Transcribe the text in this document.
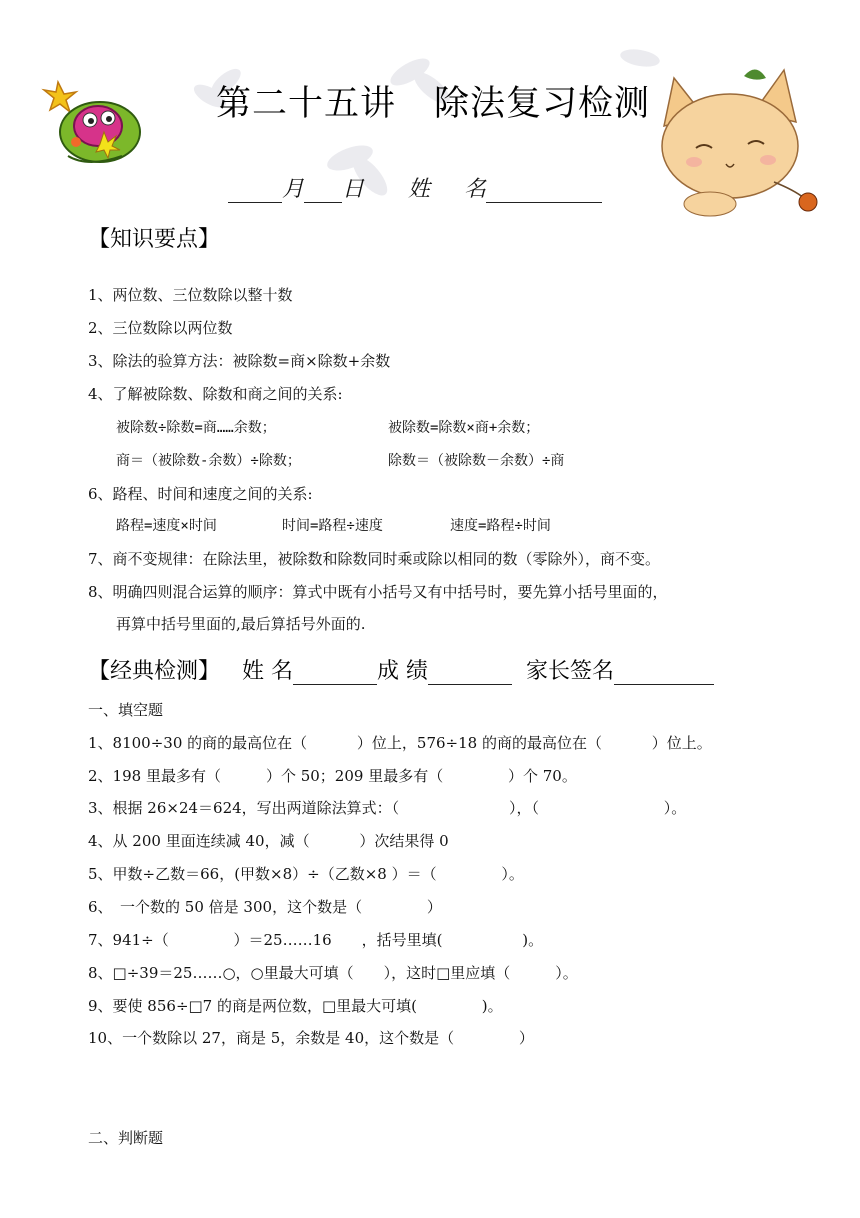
第二十五讲 除法复习检测
月 日 姓 名
【知识要点】
1、两位数、三位数除以整十数
2、三位数除以两位数
3、除法的验算方法：被除数=商×除数+余数
4、了解被除数、除数和商之间的关系:
被除数÷除数=商……余数；	被除数=除数×商+余数；
商＝（被除数-余数）÷除数；	除数＝（被除数－余数）÷商
6、路程、时间和速度之间的关系:
路程=速度×时间	时间=路程÷速度	速度=路程÷时间
7、商不变规律：在除法里，被除数和除数同时乘或除以相同的数（零除外），商不变。
8、明确四则混合运算的顺序：算式中既有小括号又有中括号时，要先算小括号里面的，
再算中括号里面的,最后算括号外面的.
【经典检测】 姓 名	成 绩	家长签名
一、填空题
1、8100÷30 的商的最高位在（　　　 ）位上，576÷18 的商的最高位在（　　　 ）位上。
2、198 里最多有（　　　）个 50；209 里最多有（　　　　 ）个 70。
3、根据 26×24＝624，写出两道除法算式：（　　　　　　　 ），（　　　　　　　　 ）。
4、从 200 里面连续减 40，减（　　　 ）次结果得 0
5、甲数÷乙数＝66，(甲数×8）÷（乙数×8 ）＝（　　　　 ）。
6、　一个数的 50 倍是 300，这个数是（　　　　 ）
7、941÷（　　　　 ）＝25……16　　，括号里填(　　　　　 )。
8、□÷39＝25……○，○里最大可填（　　），这时□里应填（　　　）。
9、要使 856÷□7 的商是两位数，□里最大可填(　　　　 )。
10、一个数除以 27，商是 5，余数是 40，这个数是（　　　　 ）
二、判断题
